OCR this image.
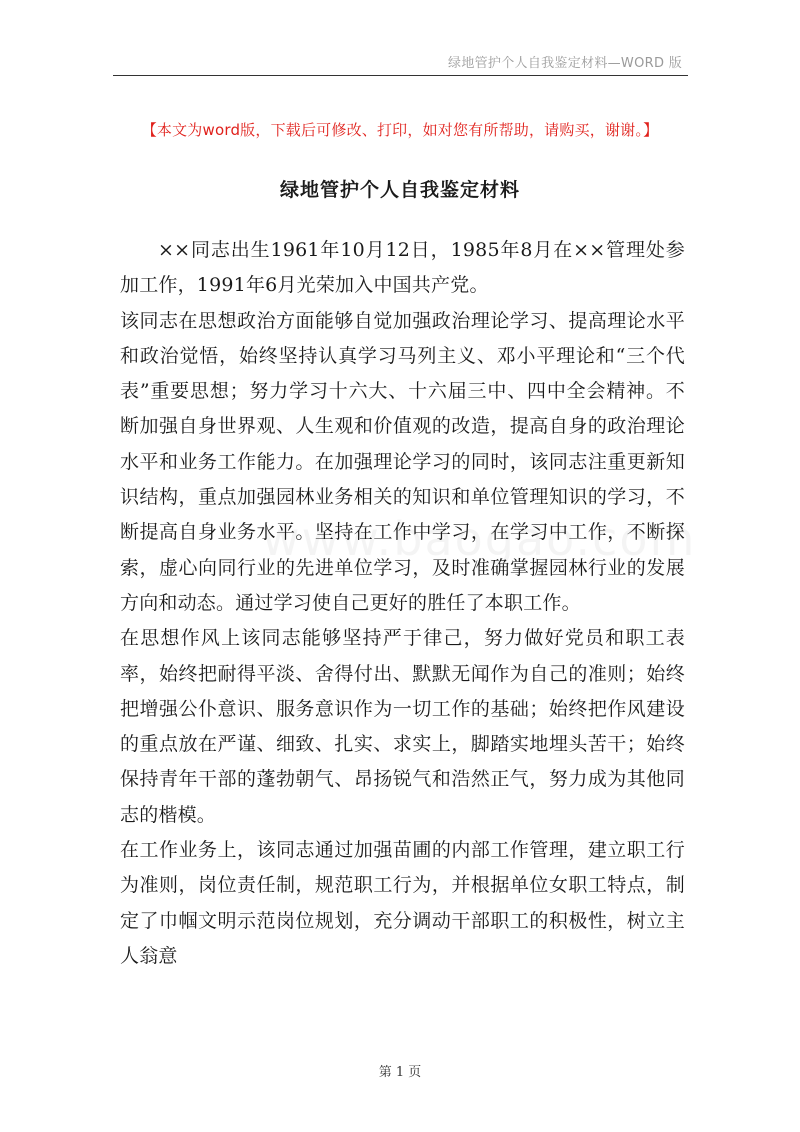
绿地管护个人自我鉴定材料—WORD 版
【本文为word版，下载后可修改、打印，如对您有所帮助，请购买，谢谢。】
绿地管护个人自我鉴定材料

××同志出生1961年10月12日，1985年8月在××管理处参加工作，1991年6月光荣加入中国共产党。

该同志在思想政治方面能够自觉加强政治理论学习、提高理论水平和政治觉悟，始终坚持认真学习马列主义、邓小平理论和“三个代表”重要思想；努力学习十六大、十六届三中、四中全会精神。不断加强自身世界观、人生观和价值观的改造，提高自身的政治理论水平和业务工作能力。在加强理论学习的同时，该同志注重更新知识结构，重点加强园林业务相关的知识和单位管理知识的学习，不断提高自身业务水平。坚持在工作中学习，在学习中工作，不断探索，虚心向同行业的先进单位学习，及时准确掌握园林行业的发展方向和动态。通过学习使自己更好的胜任了本职工作。

在思想作风上该同志能够坚持严于律己，努力做好党员和职工表率，始终把耐得平淡、舍得付出、默默无闻作为自己的准则；始终把增强公仆意识、服务意识作为一切工作的基础；始终把作风建设的重点放在严谨、细致、扎实、求实上，脚踏实地埋头苦干；始终保持青年干部的蓬勃朝气、昂扬锐气和浩然正气，努力成为其他同志的楷模。

在工作业务上，该同志通过加强苗圃的内部工作管理，建立职工行为准则，岗位责任制，规范职工行为，并根据单位女职工特点，制定了巾帼文明示范岗位规划，充分调动干部职工的积极性，树立主人翁意

第 1 页
